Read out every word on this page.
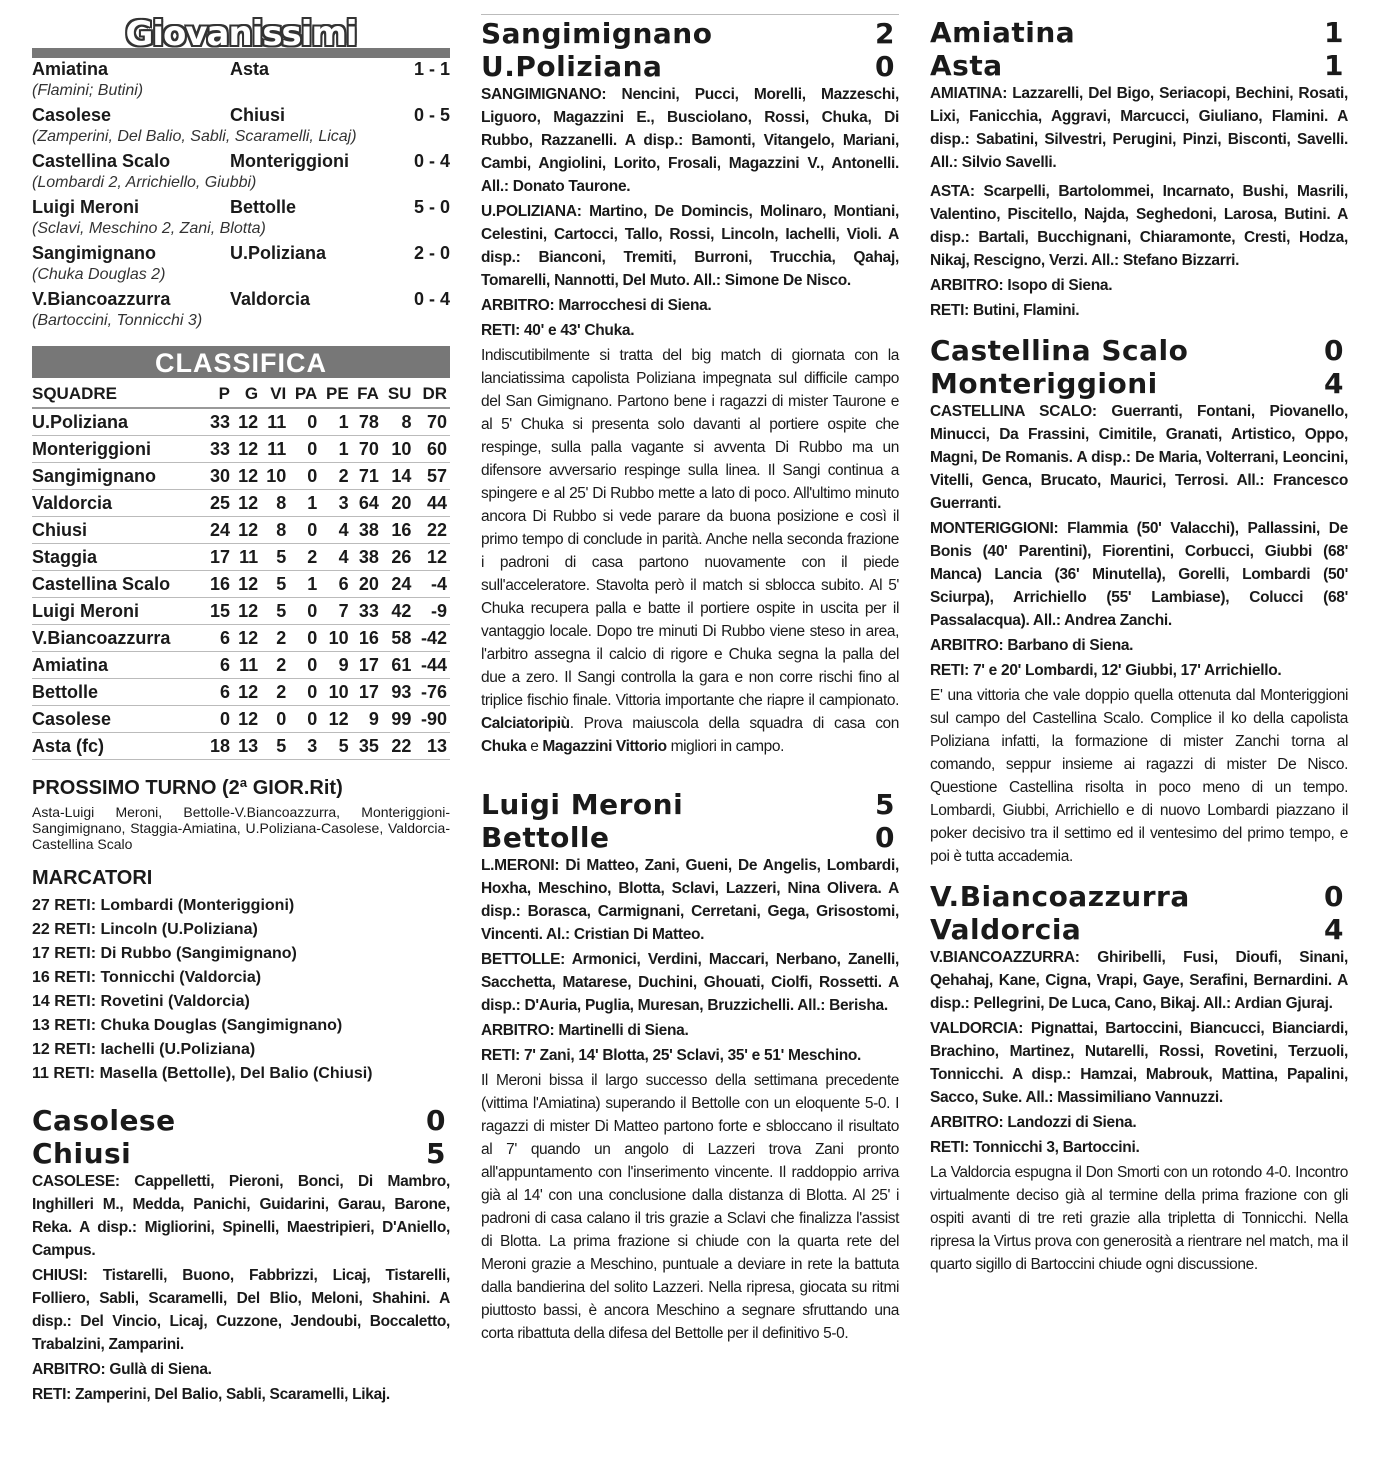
Giovanissimi
Amiatina	Asta	1 - 1
(Flamini; Butini)
Casolese	Chiusi	0 - 5
(Zamperini, Del Balio, Sabli, Scaramelli, Licaj)
Castellina Scalo	Monteriggioni	0 - 4
(Lombardi 2, Arrichiello, Giubbi)
Luigi Meroni	Bettolle	5 - 0
(Sclavi, Meschino 2, Zani, Blotta)
Sangimignano	U.Poliziana	2 - 0
(Chuka Douglas 2)
V.Biancoazzurra	Valdorcia	0 - 4
(Bartoccini, Tonnicchi 3)
CLASSIFICA
SQUADRE	P	G	VI	PA	PE	FA	SU	DR
U.Poliziana	33	12	11	0	1	78	8	70
Monteriggioni	33	12	11	0	1	70	10	60
Sangimignano	30	12	10	0	2	71	14	57
Valdorcia	25	12	8	1	3	64	20	44
Chiusi	24	12	8	0	4	38	16	22
Staggia	17	11	5	2	4	38	26	12
Castellina Scalo	16	12	5	1	6	20	24	-4
Luigi Meroni	15	12	5	0	7	33	42	-9
V.Biancoazzurra	6	12	2	0	10	16	58	-42
Amiatina	6	11	2	0	9	17	61	-44
Bettolle	6	12	2	0	10	17	93	-76
Casolese	0	12	0	0	12	9	99	-90
Asta (fc)	18	13	5	3	5	35	22	13
PROSSIMO TURNO (2ª GIOR.Rit)
Asta-Luigi Meroni, Bettolle-V.Biancoazzurra, Monteriggioni-Sangimignano, Staggia-Amiatina, U.Poliziana-Casolese, Valdorcia-Castellina Scalo
MARCATORI
27 RETI: Lombardi (Monteriggioni)
22 RETI: Lincoln (U.Poliziana)
17 RETI: Di Rubbo (Sangimignano)
16 RETI: Tonnicchi (Valdorcia)
14 RETI: Rovetini (Valdorcia)
13 RETI: Chuka Douglas (Sangimignano)
12 RETI: Iachelli (U.Poliziana)
11 RETI: Masella (Bettolle), Del Balio (Chiusi)
Casolese	0
Chiusi	5
CASOLESE: Cappelletti, Pieroni, Bonci, Di Mambro, Inghilleri M., Medda, Panichi, Guidarini, Garau, Barone, Reka. A disp.: Migliorini, Spinelli, Maestripieri, D'Aniello, Campus.
CHIUSI: Tistarelli, Buono, Fabbrizzi, Licaj, Tistarelli, Folliero, Sabli, Scaramelli, Del Blio, Meloni, Shahini. A disp.: Del Vincio, Licaj, Cuzzone, Jendoubi, Boccaletto, Trabalzini, Zamparini.
ARBITRO: Gullà di Siena.
RETI: Zamperini, Del Balio, Sabli, Scaramelli, Likaj.
Sangimignano	2
U.Poliziana	0
SANGIMIGNANO: Nencini, Pucci, Morelli, Mazzeschi, Liguoro, Magazzini E., Busciolano, Rossi, Chuka, Di Rubbo, Razzanelli. A disp.: Bamonti, Vitangelo, Mariani, Cambi, Angiolini, Lorito, Frosali, Magazzini V., Antonelli. All.: Donato Taurone.
U.POLIZIANA: Martino, De Domincis, Molinaro, Montiani, Celestini, Cartocci, Tallo, Rossi, Lincoln, Iachelli, Violi. A disp.: Bianconi, Tremiti, Burroni, Trucchia, Qahaj, Tomarelli, Nannotti, Del Muto. All.: Simone De Nisco.
ARBITRO: Marrocchesi di Siena.
RETI: 40' e 43' Chuka.
Indiscutibilmente si tratta del big match di giornata con la lanciatissima capolista Poliziana impegnata sul difficile campo del San Gimignano. Partono bene i ragazzi di mister Taurone e al 5' Chuka si presenta solo davanti al portiere ospite che respinge, sulla palla vagante si avventa Di Rubbo ma un difensore avversario respinge sulla linea. Il Sangi continua a spingere e al 25' Di Rubbo mette a lato di poco. All'ultimo minuto ancora Di Rubbo si vede parare da buona posizione e così il primo tempo di conclude in parità. Anche nella seconda frazione i padroni di casa partono nuovamente con il piede sull'acceleratore. Stavolta però il match si sblocca subito. Al 5' Chuka recupera palla e batte il portiere ospite in uscita per il vantaggio locale. Dopo tre minuti Di Rubbo viene steso in area, l'arbitro assegna il calcio di rigore e Chuka segna la palla del due a zero. Il Sangi controlla la gara e non corre rischi fino al triplice fischio finale. Vittoria importante che riapre il campionato. Calciatoripiù. Prova maiuscola della squadra di casa con Chuka e Magazzini Vittorio migliori in campo.
Luigi Meroni	5
Bettolle	0
L.MERONI: Di Matteo, Zani, Gueni, De Angelis, Lombardi, Hoxha, Meschino, Blotta, Sclavi, Lazzeri, Nina Olivera. A disp.: Borasca, Carmignani, Cerretani, Gega, Grisostomi, Vincenti. Al.: Cristian Di Matteo.
BETTOLLE: Armonici, Verdini, Maccari, Nerbano, Zanelli, Sacchetta, Matarese, Duchini, Ghouati, Ciolfi, Rossetti. A disp.: D'Auria, Puglia, Muresan, Bruzzichelli. All.: Berisha.
ARBITRO: Martinelli di Siena.
RETI: 7' Zani, 14' Blotta, 25' Sclavi, 35' e 51' Meschino.
Il Meroni bissa il largo successo della settimana precedente (vittima l'Amiatina) superando il Bettolle con un eloquente 5-0. I ragazzi di mister Di Matteo partono forte e sbloccano il risultato al 7' quando un angolo di Lazzeri trova Zani pronto all'appuntamento con l'inserimento vincente. Il raddoppio arriva già al 14' con una conclusione dalla distanza di Blotta. Al 25' i padroni di casa calano il tris grazie a Sclavi che finalizza l'assist di Blotta. La prima frazione si chiude con la quarta rete del Meroni grazie a Meschino, puntuale a deviare in rete la battuta dalla bandierina del solito Lazzeri. Nella ripresa, giocata su ritmi piuttosto bassi, è ancora Meschino a segnare sfruttando una corta ribattuta della difesa del Bettolle per il definitivo 5-0.
Amiatina	1
Asta	1
AMIATINA: Lazzarelli, Del Bigo, Seriacopi, Bechini, Rosati, Lixi, Fanicchia, Aggravi, Marcucci, Giuliano, Flamini. A disp.: Sabatini, Silvestri, Perugini, Pinzi, Bisconti, Savelli. All.: Silvio Savelli.
ASTA: Scarpelli, Bartolommei, Incarnato, Bushi, Masrili, Valentino, Piscitello, Najda, Seghedoni, Larosa, Butini. A disp.: Bartali, Bucchignani, Chiaramonte, Cresti, Hodza, Nikaj, Rescigno, Verzi. All.: Stefano Bizzarri.
ARBITRO: Isopo di Siena.
RETI: Butini, Flamini.
Castellina Scalo	0
Monteriggioni	4
CASTELLINA SCALO: Guerranti, Fontani, Piovanello, Minucci, Da Frassini, Cimitile, Granati, Artistico, Oppo, Magni, De Romanis. A disp.: De Maria, Volterrani, Leoncini, Vitelli, Genca, Brucato, Maurici, Terrosi. All.: Francesco Guerranti.
MONTERIGGIONI: Flammia (50' Valacchi), Pallassini, De Bonis (40' Parentini), Fiorentini, Corbucci, Giubbi (68' Manca) Lancia (36' Minutella), Gorelli, Lombardi (50' Sciurpa), Arrichiello (55' Lambiase), Colucci (68' Passalacqua). All.: Andrea Zanchi.
ARBITRO: Barbano di Siena.
RETI: 7' e 20' Lombardi, 12' Giubbi, 17' Arrichiello.
E' una vittoria che vale doppio quella ottenuta dal Monteriggioni sul campo del Castellina Scalo. Complice il ko della capolista Poliziana infatti, la formazione di mister Zanchi torna al comando, seppur insieme ai ragazzi di mister De Nisco. Questione Castellina risolta in poco meno di un tempo. Lombardi, Giubbi, Arrichiello e di nuovo Lombardi piazzano il poker decisivo tra il settimo ed il ventesimo del primo tempo, e poi è tutta accademia.
V.Biancoazzurra	0
Valdorcia	4
V.BIANCOAZZURRA: Ghiribelli, Fusi, Dioufi, Sinani, Qehahaj, Kane, Cigna, Vrapi, Gaye, Serafini, Bernardini. A disp.: Pellegrini, De Luca, Cano, Bikaj. All.: Ardian Gjuraj.
VALDORCIA: Pignattai, Bartoccini, Biancucci, Bianciardi, Brachino, Martinez, Nutarelli, Rossi, Rovetini, Terzuoli, Tonnicchi. A disp.: Hamzai, Mabrouk, Mattina, Papalini, Sacco, Suke. All.: Massimiliano Vannuzzi.
ARBITRO: Landozzi di Siena.
RETI: Tonnicchi 3, Bartoccini.
La Valdorcia espugna il Don Smorti con un rotondo 4-0. Incontro virtualmente deciso già al termine della prima frazione con gli ospiti avanti di tre reti grazie alla tripletta di Tonnicchi. Nella ripresa la Virtus prova con generosità a rientrare nel match, ma il quarto sigillo di Bartoccini chiude ogni discussione.
